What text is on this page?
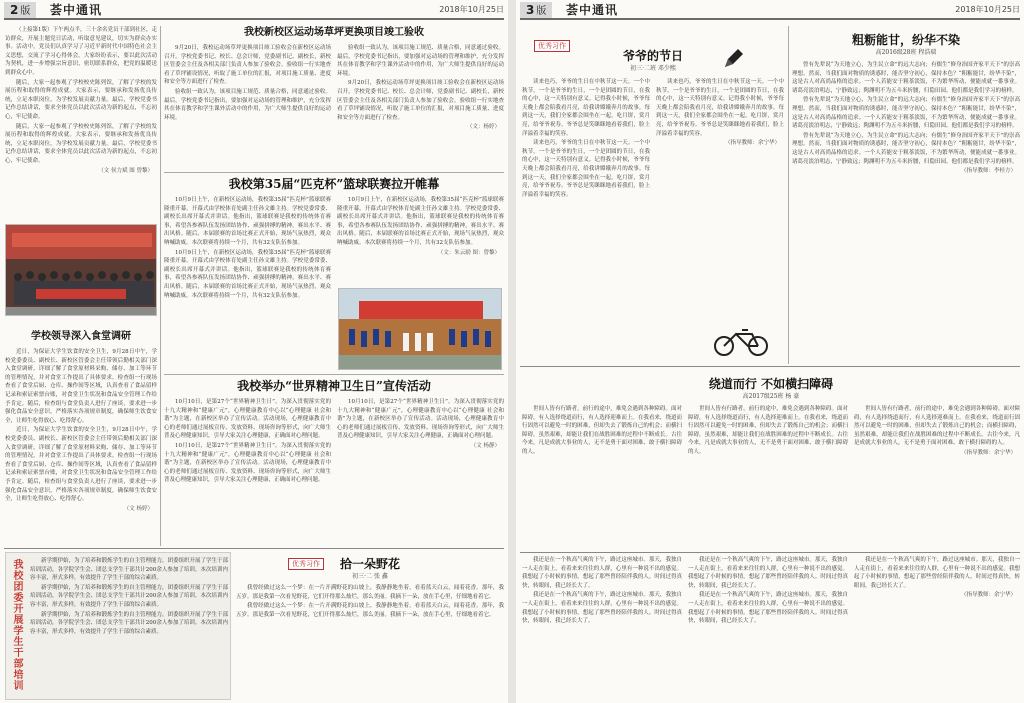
2 版	荟中通讯	2018年10月25日

（上接第1版）下午两点半，三十余名党员干部到社区，走访群众，开展主题党日活动，听取意见建议，切实为群众办实事。活动中，党员们认真学习了习近平新时代中国特色社会主义思想，交流了学习心得体会。大家纷纷表示，要以此次活动为契机，进一步增强宗旨意识，密切联系群众，把党的温暖送到群众心中。

随后，大家一起参观了学校校史陈列馆，了解了学校的发展历程和取得的辉煌成就。大家表示，要继承和发扬优良传统，立足本职岗位，为学校发展贡献力量。最后，学校党委书记作总结讲话，要求全体党员以此次活动为新的起点，不忘初心，牢记使命。

随后，大家一起参观了学校校史陈列馆，了解了学校的发展历程和取得的辉煌成就。大家表示，要继承和发扬优良传统，立足本职岗位，为学校发展贡献力量。最后，学校党委书记作总结讲话，要求全体党员以此次活动为新的起点，不忘初心，牢记使命。

（文 侯力斌 图 曾黎）
学校领导深入食堂调研

近日，为保证大学生饮食的安全卫生，9月28日中午，学校党委委员、副校长、新校区管委会主任带领后勤相关部门深入食堂调研，详细了解了食堂原材料采购、储存、加工等环节的管理情况，并对食堂工作提出了具体要求。检查组一行现场查看了食堂后厨、仓库、操作间等区域，认真查看了食品留样记录和索证索票台账，对食堂卫生状况和食品安全管理工作给予肯定。随后，检查组与食堂负责人进行了座谈，要求进一步强化食品安全意识，严格落实各项规章制度，确保师生饮食安全，让师生吃得放心、吃得舒心。

近日，为保证大学生饮食的安全卫生，9月28日中午，学校党委委员、副校长、新校区管委会主任带领后勤相关部门深入食堂调研，详细了解了食堂原材料采购、储存、加工等环节的管理情况，并对食堂工作提出了具体要求。检查组一行现场查看了食堂后厨、仓库、操作间等区域，认真查看了食品留样记录和索证索票台账，对食堂卫生状况和食品安全管理工作给予肯定。随后，检查组与食堂负责人进行了座谈，要求进一步强化食品安全意识，严格落实各项规章制度，确保师生饮食安全，让师生吃得放心、吃得舒心。

（文 杨婷）
我校新校区运动场草坪更换项目竣工验收

9月20日，我校运动场草坪更换项目竣工验收会在新校区运动场召开。学校党委书记、校长、总会计师，党委副书记、副校长，新校区管委会主任及各相关部门负责人参加了验收会。验收组一行实地查看了草坪铺设情况，听取了施工单位的汇报，对项目施工质量、进度和安全等方面进行了检查。

验收组一致认为，该项目施工规范、质量合格，同意通过验收。最后，学校党委书记指出，要加强对运动场的管理和维护，充分发挥其在体育教学和学生课外活动中的作用，为广大师生提供良好的运动环境。

验收组一致认为，该项目施工规范、质量合格，同意通过验收。最后，学校党委书记指出，要加强对运动场的管理和维护，充分发挥其在体育教学和学生课外活动中的作用，为广大师生提供良好的运动环境。

9月20日，我校运动场草坪更换项目竣工验收会在新校区运动场召开。学校党委书记、校长、总会计师，党委副书记、副校长，新校区管委会主任及各相关部门负责人参加了验收会。验收组一行实地查看了草坪铺设情况，听取了施工单位的汇报，对项目施工质量、进度和安全等方面进行了检查。

（文：杨婷）
我校第35届“匹克杯”篮球联赛拉开帷幕

10月9日上午，在新校区运动场，我校第35届“匹克杯”篮球联赛隆重开幕。开幕式由学校体育处副主任孙文雄主持。学校党委常委、副校长出席开幕式并讲话。他指出，篮球联赛是我校的传统体育赛事，希望各参赛队伍发扬团结协作、顽强拼搏的精神，赛出水平、赛出风格。随后，本届联赛的首场比赛正式开始，现场气氛热烈，观众呐喊助威。本次联赛将持续一个月，共有32支队伍参加。

10月9日上午，在新校区运动场，我校第35届“匹克杯”篮球联赛隆重开幕。开幕式由学校体育处副主任孙文雄主持。学校党委常委、副校长出席开幕式并讲话。他指出，篮球联赛是我校的传统体育赛事，希望各参赛队伍发扬团结协作、顽强拼搏的精神，赛出水平、赛出风格。随后，本届联赛的首场比赛正式开始，现场气氛热烈，观众呐喊助威。本次联赛将持续一个月，共有32支队伍参加。

10月9日上午，在新校区运动场，我校第35届“匹克杯”篮球联赛隆重开幕。开幕式由学校体育处副主任孙文雄主持。学校党委常委、副校长出席开幕式并讲话。他指出，篮球联赛是我校的传统体育赛事，希望各参赛队伍发扬团结协作、顽强拼搏的精神，赛出水平、赛出风格。随后，本届联赛的首场比赛正式开始，现场气氛热烈，观众呐喊助威。本次联赛将持续一个月，共有32支队伍参加。

（文：朱云励 图：曾黎）
我校举办“世界精神卫生日”宣传活动

10月10日，是第27个“世界精神卫生日”。为深入贯彻落实党的十九大精神和“健康广元”，心理健康教育中心以“心理健康 社会和谐”为主题，在新校区举办了宣传活动。活动现场，心理健康教育中心的老师们通过展板宣传、发放资料、现场咨询等形式，向广大师生普及心理健康知识，引导大家关注心理健康，正确面对心理问题。

10月10日，是第27个“世界精神卫生日”。为深入贯彻落实党的十九大精神和“健康广元”，心理健康教育中心以“心理健康 社会和谐”为主题，在新校区举办了宣传活动。活动现场，心理健康教育中心的老师们通过展板宣传、发放资料、现场咨询等形式，向广大师生普及心理健康知识，引导大家关注心理健康，正确面对心理问题。

10月10日，是第27个“世界精神卫生日”。为深入贯彻落实党的十九大精神和“健康广元”，心理健康教育中心以“心理健康 社会和谐”为主题，在新校区举办了宣传活动。活动现场，心理健康教育中心的老师们通过展板宣传、发放资料、现场咨询等形式，向广大师生普及心理健康知识，引导大家关注心理健康，正确面对心理问题。

（文 杨静）
我校团委开展学生干部培训	新学期伊始，为了培养和锻炼学生的自主管理能力，团委组织开展了学生干部培训活动，各学院学生会、团总支学生干部共计200余人参加了培训。本次培训内容丰富，形式多样，有效提升了学生干部的综合素质。

新学期伊始，为了培养和锻炼学生的自主管理能力，团委组织开展了学生干部培训活动，各学院学生会、团总支学生干部共计200余人参加了培训。本次培训内容丰富，形式多样，有效提升了学生干部的综合素质。

新学期伊始，为了培养和锻炼学生的自主管理能力，团委组织开展了学生干部培训活动，各学院学生会、团总支学生干部共计200余人参加了培训。本次培训内容丰富，形式多样，有效提升了学生干部的综合素质。

优秀习作	拾一朵野花
初三·二 张 鑫

我曾经做过这么一个梦：在一片开满野花的山坡上，我静静地坐着，看着蓝天白云，闻着花香。那年，我五岁。那是我第一次看见野花，它们开得那么灿烂，那么美丽。我摘下一朵，放在手心里，仔细地看着它。

我曾经做过这么一个梦：在一片开满野花的山坡上，我静静地坐着，看着蓝天白云，闻着花香。那年，我五岁。那是我第一次看见野花，它们开得那么灿烂，那么美丽。我摘下一朵，放在手心里，仔细地看着它。

3 版	荟中通讯	2018年10月25日
优秀习作
爷爷的节日
初三·二班 邓少熙

读来也巧，爷爷的生日在中秋节这一天。一个中秋节，一个是爷爷的生日，一个是团圆的节日，在我的心中，这一天特别有意义。记得我小时候，爷爷每天晚上都会陪我看月亮，给我讲嫦娥奔月的故事。每到这一天，我们全家都会围坐在一起，吃月饼，赏月亮，给爷爷祝寿。爷爷总是笑眯眯地看着我们，脸上洋溢着幸福的笑容。

读来也巧，爷爷的生日在中秋节这一天。一个中秋节，一个是爷爷的生日，一个是团圆的节日，在我的心中，这一天特别有意义。记得我小时候，爷爷每天晚上都会陪我看月亮，给我讲嫦娥奔月的故事。每到这一天，我们全家都会围坐在一起，吃月饼，赏月亮，给爷爷祝寿。爷爷总是笑眯眯地看着我们，脸上洋溢着幸福的笑容。

读来也巧，爷爷的生日在中秋节这一天。一个中秋节，一个是爷爷的生日，一个是团圆的节日，在我的心中，这一天特别有意义。记得我小时候，爷爷每天晚上都会陪我看月亮，给我讲嫦娥奔月的故事。每到这一天，我们全家都会围坐在一起，吃月饼，赏月亮，给爷爷祝寿。爷爷总是笑眯眯地看着我们，脸上洋溢着幸福的笑容。

（指导教师：余宁华）
粗粝能甘，纷华不染
高2016级28班 程浩瑞

曾有先辈说“为天地立心，为生民立命”的远大志向；有儒生“修身治国齐家平天下”的崇高理想。然而，当我们面对物质的诱惑时，能否坚守初心，保持本色？“粗粝能甘，纷华不染”，这是古人对高尚品格的追求。一个人若能安于粗茶淡饭，不为繁华所动，便能成就一番事业。诸葛亮淡泊明志，宁静致远；陶渊明不为五斗米折腰，归隐田园。他们都是我们学习的榜样。

曾有先辈说“为天地立心，为生民立命”的远大志向；有儒生“修身治国齐家平天下”的崇高理想。然而，当我们面对物质的诱惑时，能否坚守初心，保持本色？“粗粝能甘，纷华不染”，这是古人对高尚品格的追求。一个人若能安于粗茶淡饭，不为繁华所动，便能成就一番事业。诸葛亮淡泊明志，宁静致远；陶渊明不为五斗米折腰，归隐田园。他们都是我们学习的榜样。

曾有先辈说“为天地立心，为生民立命”的远大志向；有儒生“修身治国齐家平天下”的崇高理想。然而，当我们面对物质的诱惑时，能否坚守初心，保持本色？“粗粝能甘，纷华不染”，这是古人对高尚品格的追求。一个人若能安于粗茶淡饭，不为繁华所动，便能成就一番事业。诸葛亮淡泊明志，宁静致远；陶渊明不为五斗米折腰，归隐田园。他们都是我们学习的榜样。

（指导教师：李桂方）
绕道而行 不如横扫障碍
高2017级25班 杨 豪

世间人皆有行路者，前行的途中，难免会遇到各种障碍。面对障碍，有人选择绕道而行，有人选择迎难而上。在我看来，绕道而行固然可以避免一时的困难，但却失去了锻炼自己的机会；而横扫障碍，虽然艰难，却能让我们在战胜困难的过程中不断成长。古往今来，凡是成就大事业的人，无不是勇于面对困难、敢于横扫障碍的人。

世间人皆有行路者，前行的途中，难免会遇到各种障碍。面对障碍，有人选择绕道而行，有人选择迎难而上。在我看来，绕道而行固然可以避免一时的困难，但却失去了锻炼自己的机会；而横扫障碍，虽然艰难，却能让我们在战胜困难的过程中不断成长。古往今来，凡是成就大事业的人，无不是勇于面对困难、敢于横扫障碍的人。

世间人皆有行路者，前行的途中，难免会遇到各种障碍。面对障碍，有人选择绕道而行，有人选择迎难而上。在我看来，绕道而行固然可以避免一时的困难，但却失去了锻炼自己的机会；而横扫障碍，虽然艰难，却能让我们在战胜困难的过程中不断成长。古往今来，凡是成就大事业的人，无不是勇于面对困难、敢于横扫障碍的人。

（指导教师：余宁华）

我还是在一个秋高气爽的下午，路过这座城市。那天，我独自一人走在街上，看着来来往往的人群，心里有一种说不出的感觉。我想起了小时候的事情，想起了那些曾经陪伴我的人。时间过得真快，转眼间，我已经长大了。

我还是在一个秋高气爽的下午，路过这座城市。那天，我独自一人走在街上，看着来来往往的人群，心里有一种说不出的感觉。我想起了小时候的事情，想起了那些曾经陪伴我的人。时间过得真快，转眼间，我已经长大了。

我还是在一个秋高气爽的下午，路过这座城市。那天，我独自一人走在街上，看着来来往往的人群，心里有一种说不出的感觉。我想起了小时候的事情，想起了那些曾经陪伴我的人。时间过得真快，转眼间，我已经长大了。

我还是在一个秋高气爽的下午，路过这座城市。那天，我独自一人走在街上，看着来来往往的人群，心里有一种说不出的感觉。我想起了小时候的事情，想起了那些曾经陪伴我的人。时间过得真快，转眼间，我已经长大了。

我还是在一个秋高气爽的下午，路过这座城市。那天，我独自一人走在街上，看着来来往往的人群，心里有一种说不出的感觉。我想起了小时候的事情，想起了那些曾经陪伴我的人。时间过得真快，转眼间，我已经长大了。

（指导教师：余宁华）
